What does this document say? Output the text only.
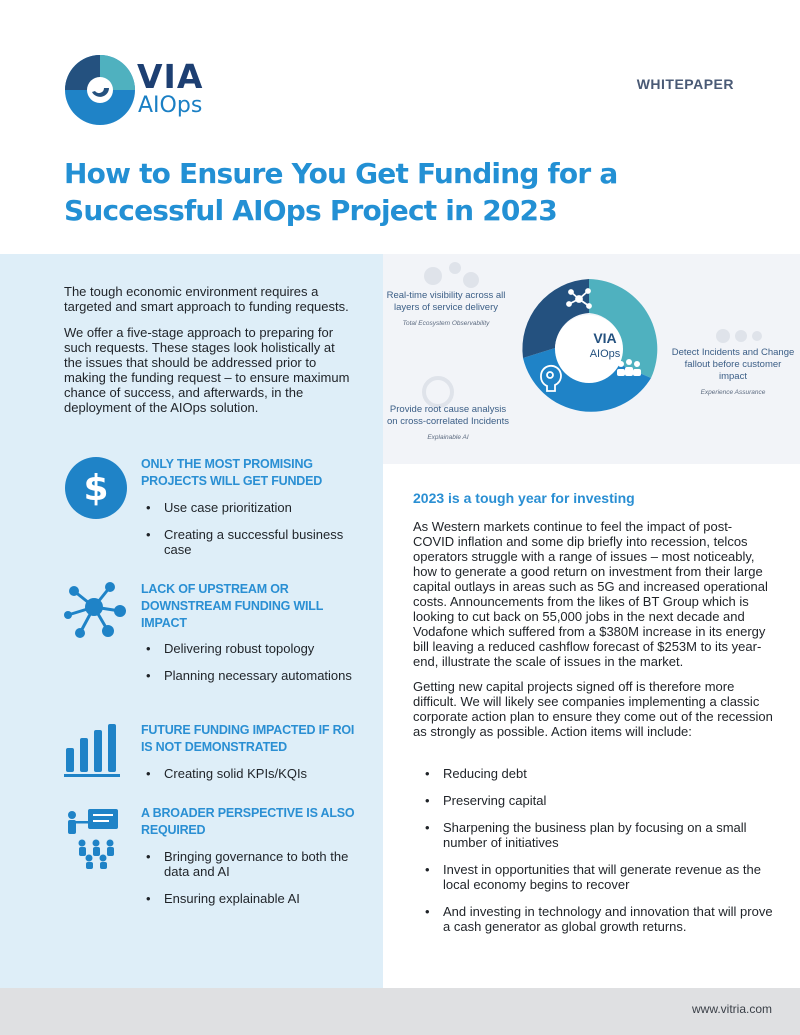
VIA
AIOps
WHITEPAPER
How to Ensure You Get Funding for a Successful AIOps Project in 2023

The tough economic environment requires a targeted and smart approach to funding requests.

We offer a five-stage approach to preparing for such requests. These stages look holistically at the issues that should be addressed prior to making the funding request – to ensure maximum chance of success, and afterwards, in the deployment of the AIOps solution.

$
ONLY THE MOST PROMISING PROJECTS WILL GET FUNDED
• Use case prioritization
• Creating a successful business case
LACK OF UPSTREAM OR DOWNSTREAM FUNDING WILL IMPACT
• Delivering robust topology
• Planning necessary automations
FUTURE FUNDING IMPACTED IF ROI IS NOT DEMONSTRATED
• Creating solid KPIs/KQIs
A BROADER PERSPECTIVE IS ALSO REQUIRED
• Bringing governance to both the data and AI
• Ensuring explainable AI
VIA
AIOps
Real-time visibility across all layers of service delivery
Total Ecosystem Observability
Detect Incidents and Change fallout before customer impact
Experience Assurance
Provide root cause analysis on cross-correlated Incidents
Explainable AI
2023 is a tough year for investing

As Western markets continue to feel the impact of post-COVID inflation and some dip briefly into recession, telcos operators struggle with a range of issues – most noticeably, how to generate a good return on investment from their large capital outlays in areas such as 5G and increased operational costs. Announcements from the likes of BT Group which is looking to cut back on 55,000 jobs in the next decade and Vodafone which suffered from a $380M increase in its energy bill leaving a reduced cashflow forecast of $253M to its year-end, illustrate the scale of issues in the market.

Getting new capital projects signed off is therefore more difficult. We will likely see companies implementing a classic corporate action plan to ensure they come out of the recession as strongly as possible. Action items will include:

• Reducing debt
• Preserving capital
• Sharpening the business plan by focusing on a small number of initiatives
• Invest in opportunities that will generate revenue as the local economy begins to recover
• And investing in technology and innovation that will prove a cash generator as global growth returns.
www.vitria.com
